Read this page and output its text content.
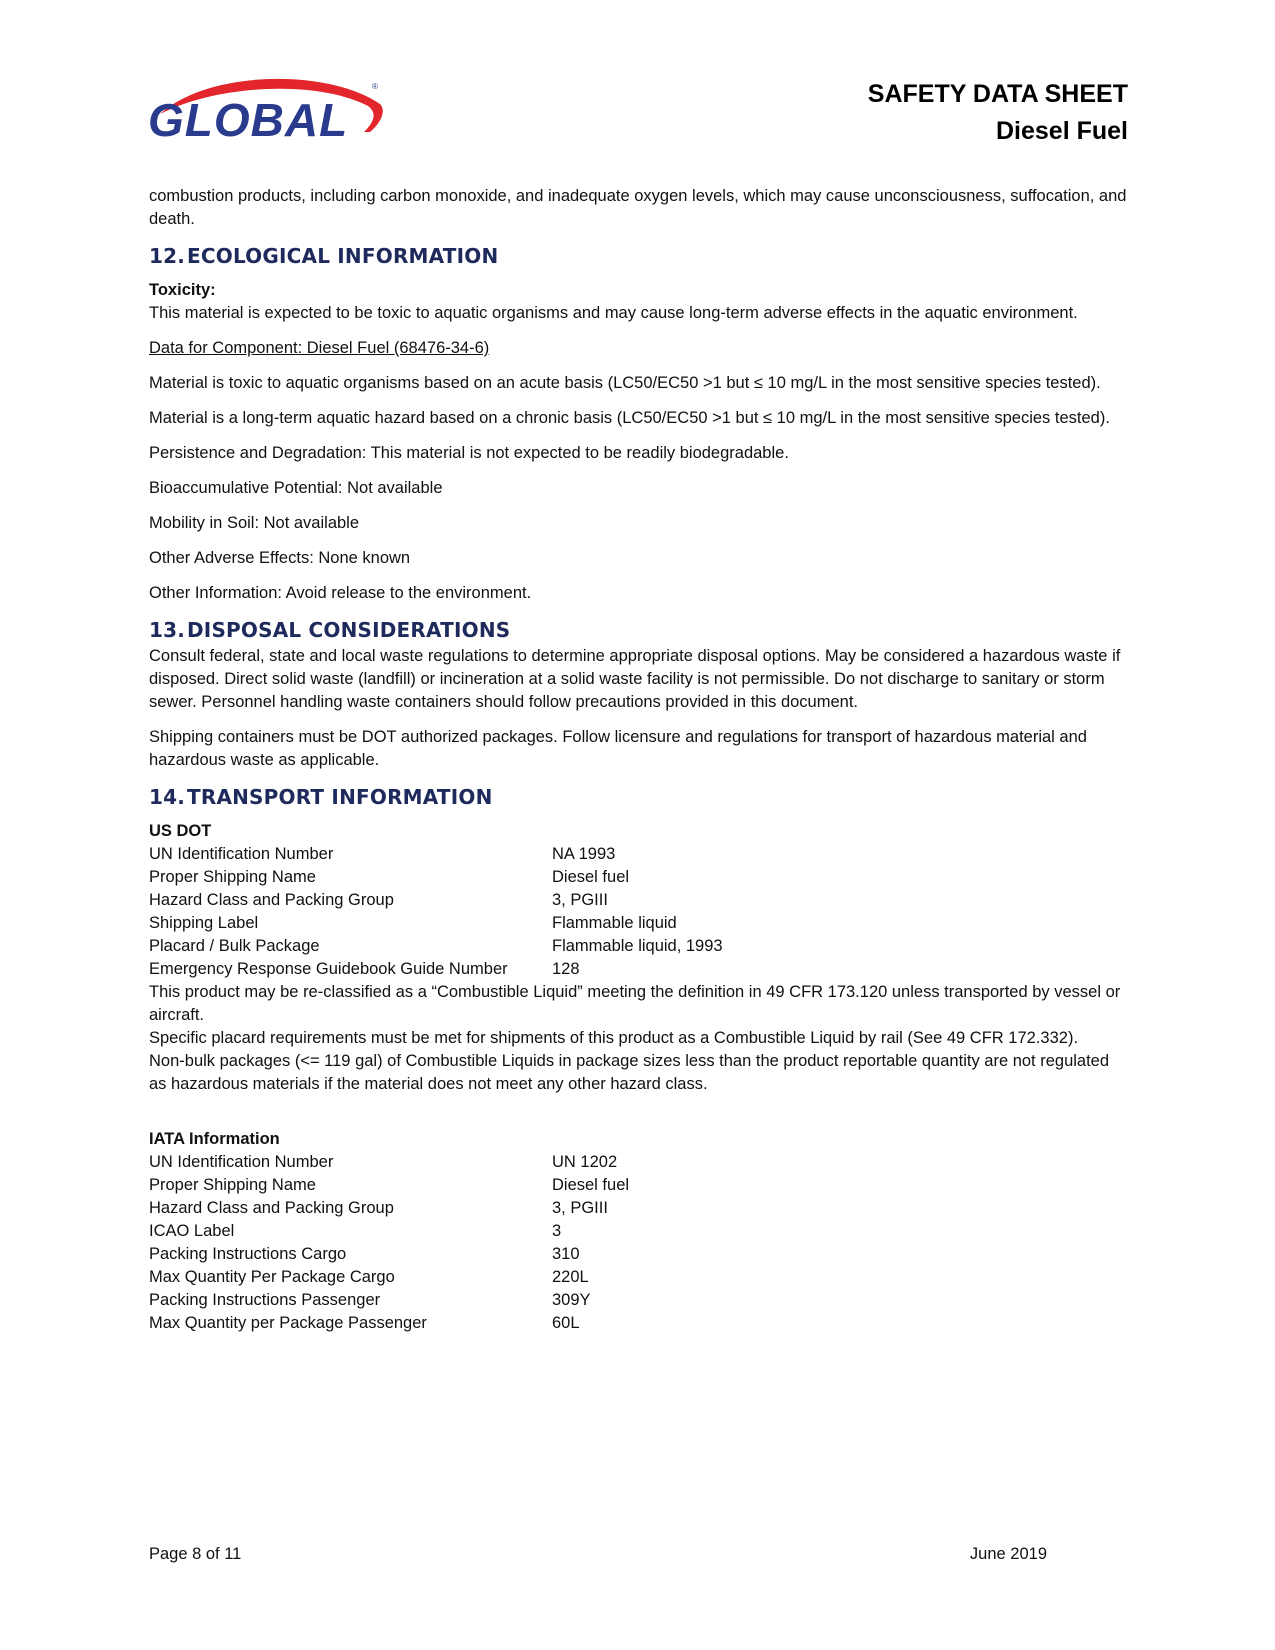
GLOBAL
®	SAFETY DATA SHEET
Diesel Fuel

combustion products, including carbon monoxide, and inadequate oxygen levels, which may cause unconsciousness, suffocation, and death.

12.ECOLOGICAL INFORMATION

Toxicity:

This material is expected to be toxic to aquatic organisms and may cause long-term adverse effects in the aquatic environment.

Data for Component: Diesel Fuel (68476-34-6)

Material is toxic to aquatic organisms based on an acute basis (LC50/EC50 >1 but ≤ 10 mg/L in the most sensitive species tested).

Material is a long-term aquatic hazard based on a chronic basis (LC50/EC50 >1 but ≤ 10 mg/L in the most sensitive species tested).

Persistence and Degradation: This material is not expected to be readily biodegradable.

Bioaccumulative Potential: Not available

Mobility in Soil: Not available

Other Adverse Effects: None known

Other Information: Avoid release to the environment.

13.DISPOSAL CONSIDERATIONS

Consult federal, state and local waste regulations to determine appropriate disposal options. May be considered a hazardous waste if disposed. Direct solid waste (landfill) or incineration at a solid waste facility is not permissible. Do not discharge to sanitary or storm sewer. Personnel handling waste containers should follow precautions provided in this document.

Shipping containers must be DOT authorized packages. Follow licensure and regulations for transport of hazardous material and hazardous waste as applicable.

14.TRANSPORT INFORMATION

US DOT

UN Identification Number	NA 1993
Proper Shipping Name	Diesel fuel
Hazard Class and Packing Group	3, PGIII
Shipping Label	Flammable liquid
Placard / Bulk Package	Flammable liquid, 1993
Emergency Response Guidebook Guide Number	128

This product may be re-classified as a “Combustible Liquid” meeting the definition in 49 CFR 173.120 unless transported by vessel or aircraft.

Specific placard requirements must be met for shipments of this product as a Combustible Liquid by rail (See 49 CFR 172.332).

Non-bulk packages (<= 119 gal) of Combustible Liquids in package sizes less than the product reportable quantity are not regulated as hazardous materials if the material does not meet any other hazard class.

IATA Information

UN Identification Number	UN 1202
Proper Shipping Name	Diesel fuel
Hazard Class and Packing Group	3, PGIII
ICAO Label	3
Packing Instructions Cargo	310
Max Quantity Per Package Cargo	220L
Packing Instructions Passenger	309Y
Max Quantity per Package Passenger	60L
Page 8 of 11	June 2019
